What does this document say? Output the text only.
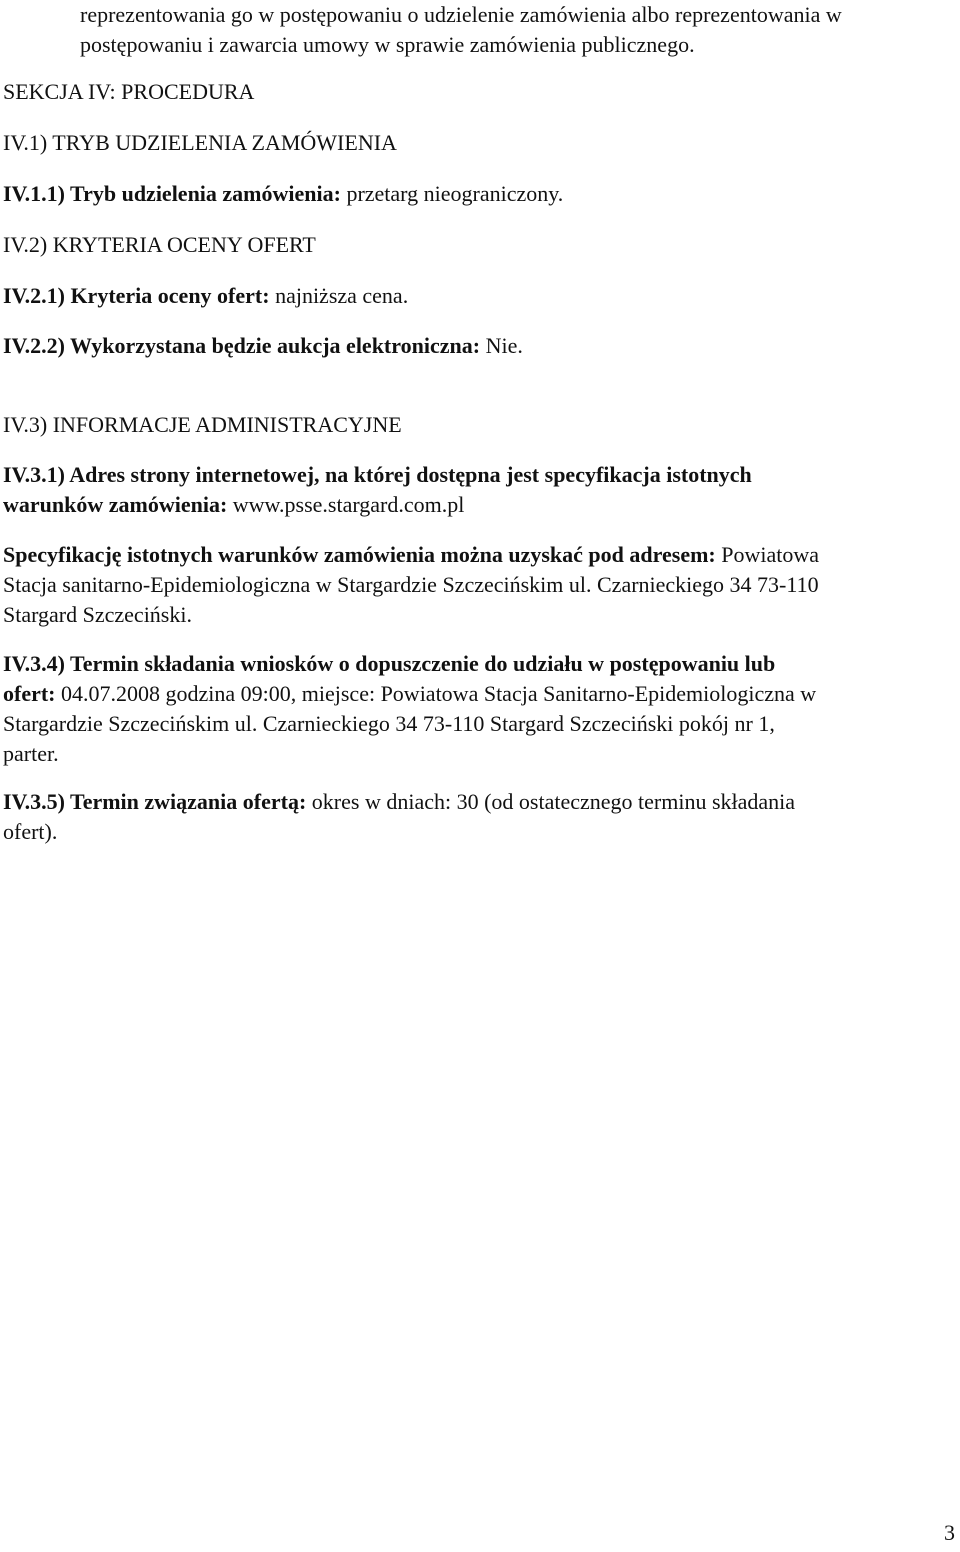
reprezentowania go w postępowaniu o udzielenie zamówienia albo reprezentowania w
postępowaniu i zawarcia umowy w sprawie zamówienia publicznego.
SEKCJA IV: PROCEDURA
IV.1) TRYB UDZIELENIA ZAMÓWIENIA
IV.1.1) Tryb udzielenia zamówienia: przetarg nieograniczony.
IV.2) KRYTERIA OCENY OFERT
IV.2.1) Kryteria oceny ofert: najniższa cena.
IV.2.2) Wykorzystana będzie aukcja elektroniczna: Nie.
IV.3) INFORMACJE ADMINISTRACYJNE
IV.3.1) Adres strony internetowej, na której dostępna jest specyfikacja istotnych
warunków zamówienia: www.psse.stargard.com.pl
Specyfikację istotnych warunków zamówienia można uzyskać pod adresem: Powiatowa
Stacja sanitarno-Epidemiologiczna w Stargardzie Szczecińskim ul. Czarnieckiego 34 73-110
Stargard Szczeciński.
IV.3.4) Termin składania wniosków o dopuszczenie do udziału w postępowaniu lub
ofert: 04.07.2008 godzina 09:00, miejsce: Powiatowa Stacja Sanitarno-Epidemiologiczna w
Stargardzie Szczecińskim ul. Czarnieckiego 34 73-110 Stargard Szczeciński pokój nr 1,
parter.
IV.3.5) Termin związania ofertą: okres w dniach: 30 (od ostatecznego terminu składania
ofert).
3
